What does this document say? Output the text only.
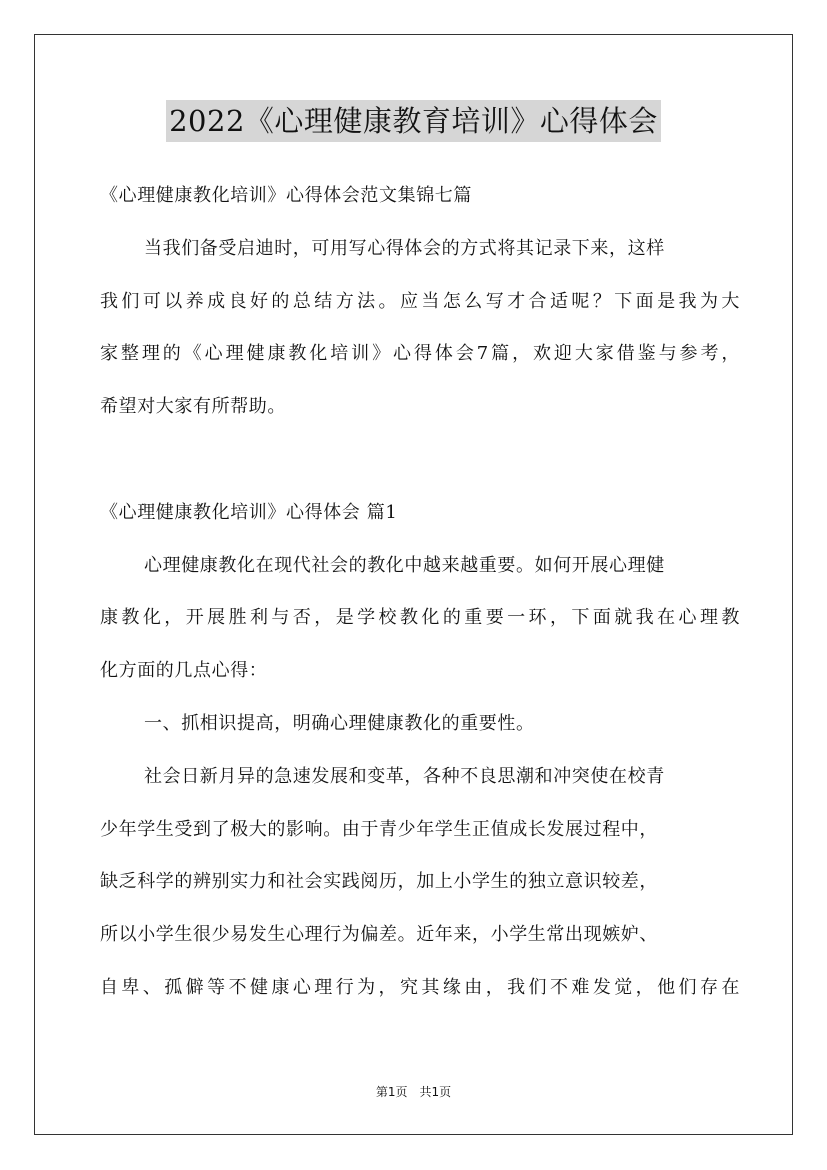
2022《心理健康教育培训》心得体会
《心理健康教化培训》心得体会范文集锦七篇
当我们备受启迪时，可用写心得体会的方式将其记录下来，这样
我们可以养成良好的总结方法。应当怎么写才合适呢？下面是我为大
家整理的《心理健康教化培训》心得体会7篇，欢迎大家借鉴与参考，
希望对大家有所帮助。
《心理健康教化培训》心得体会 篇1
心理健康教化在现代社会的教化中越来越重要。如何开展心理健
康教化，开展胜利与否，是学校教化的重要一环，下面就我在心理教
化方面的几点心得：
一、抓相识提高，明确心理健康教化的重要性。
社会日新月异的急速发展和变革，各种不良思潮和冲突使在校青
少年学生受到了极大的影响。由于青少年学生正值成长发展过程中，
缺乏科学的辨别实力和社会实践阅历，加上小学生的独立意识较差，
所以小学生很少易发生心理行为偏差。近年来，小学生常出现嫉妒、
自卑、孤僻等不健康心理行为，究其缘由，我们不难发觉，他们存在
第1页 共1页
